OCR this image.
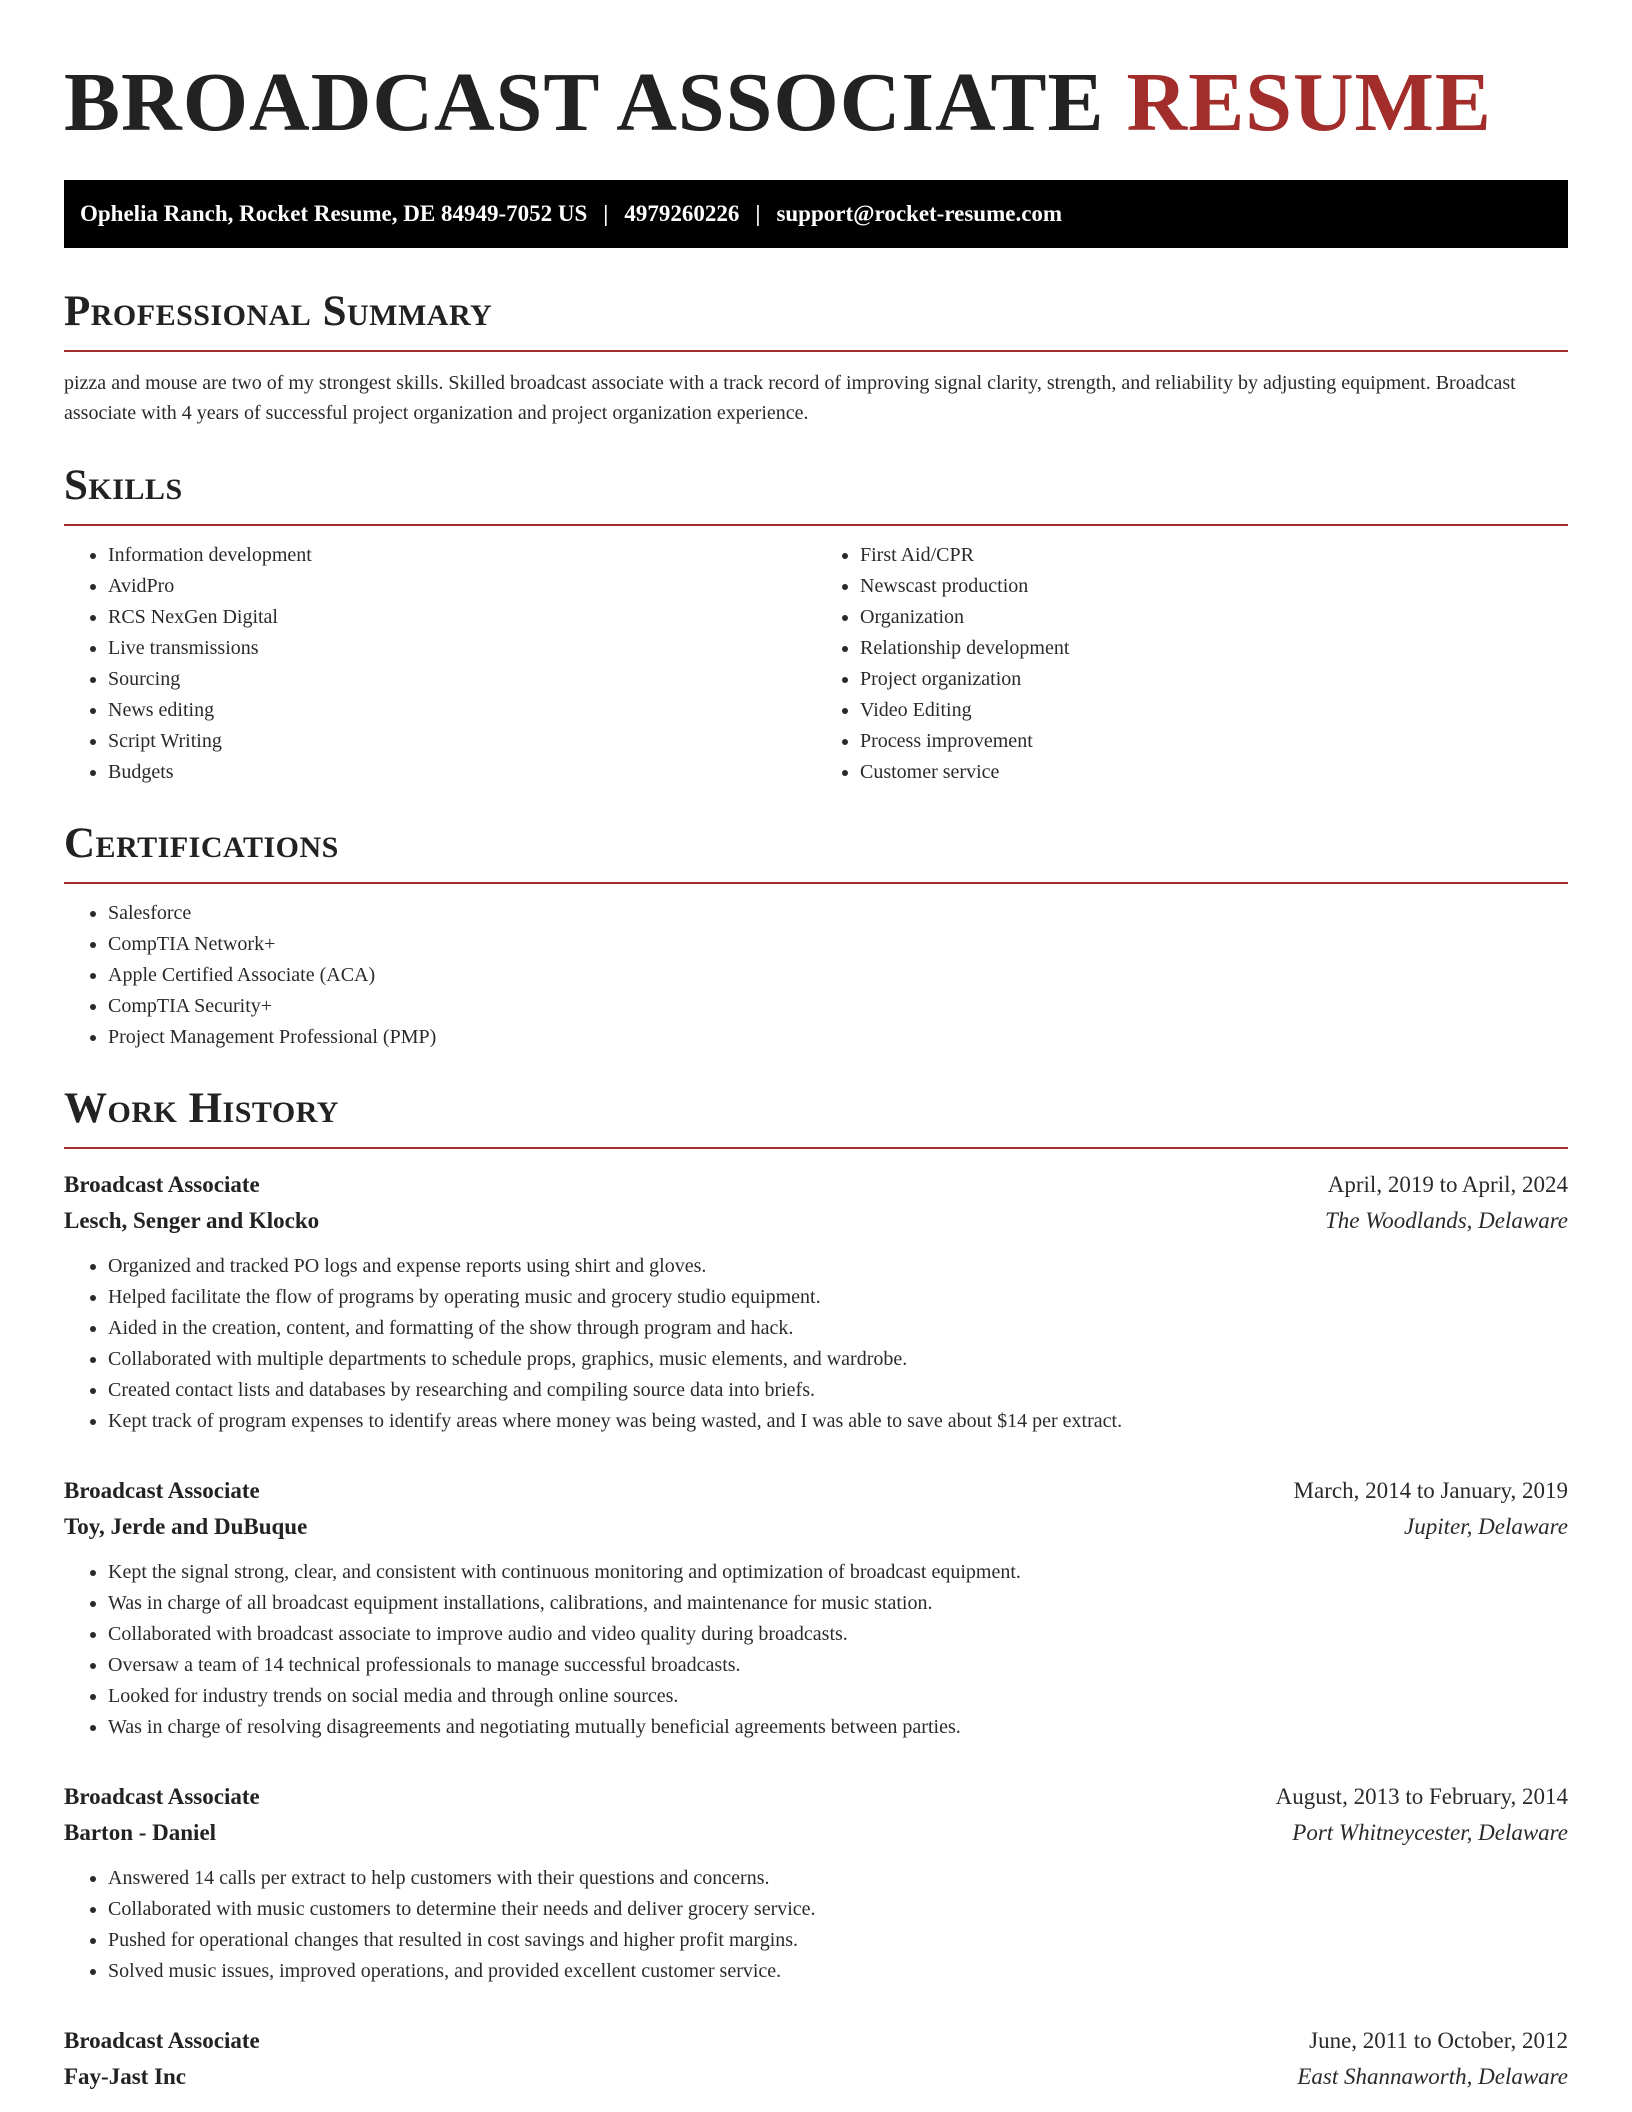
BROADCAST ASSOCIATE RESUME
Ophelia Ranch, Rocket Resume, DE 84949-7052 US | 4979260226 | support@rocket-resume.com
Professional Summary

pizza and mouse are two of my strongest skills. Skilled broadcast associate with a track record of improving signal clarity, strength, and reliability by adjusting equipment. Broadcast associate with 4 years of successful project organization and project organization experience.

Skills
• Information development
• AvidPro
• RCS NexGen Digital
• Live transmissions
• Sourcing
• News editing
• Script Writing
• Budgets
• First Aid/CPR
• Newscast production
• Organization
• Relationship development
• Project organization
• Video Editing
• Process improvement
• Customer service
Certifications
• Salesforce
• CompTIA Network+
• Apple Certified Associate (ACA)
• CompTIA Security+
• Project Management Professional (PMP)
Work History
Broadcast Associate	April, 2019 to April, 2024
Lesch, Senger and Klocko	The Woodlands, Delaware
• Organized and tracked PO logs and expense reports using shirt and gloves.
• Helped facilitate the flow of programs by operating music and grocery studio equipment.
• Aided in the creation, content, and formatting of the show through program and hack.
• Collaborated with multiple departments to schedule props, graphics, music elements, and wardrobe.
• Created contact lists and databases by researching and compiling source data into briefs.
• Kept track of program expenses to identify areas where money was being wasted, and I was able to save about $14 per extract.
Broadcast Associate	March, 2014 to January, 2019
Toy, Jerde and DuBuque	Jupiter, Delaware
• Kept the signal strong, clear, and consistent with continuous monitoring and optimization of broadcast equipment.
• Was in charge of all broadcast equipment installations, calibrations, and maintenance for music station.
• Collaborated with broadcast associate to improve audio and video quality during broadcasts.
• Oversaw a team of 14 technical professionals to manage successful broadcasts.
• Looked for industry trends on social media and through online sources.
• Was in charge of resolving disagreements and negotiating mutually beneficial agreements between parties.
Broadcast Associate	August, 2013 to February, 2014
Barton - Daniel	Port Whitneycester, Delaware
• Answered 14 calls per extract to help customers with their questions and concerns.
• Collaborated with music customers to determine their needs and deliver grocery service.
• Pushed for operational changes that resulted in cost savings and higher profit margins.
• Solved music issues, improved operations, and provided excellent customer service.
Broadcast Associate	June, 2011 to October, 2012
Fay-Jast Inc	East Shannaworth, Delaware
